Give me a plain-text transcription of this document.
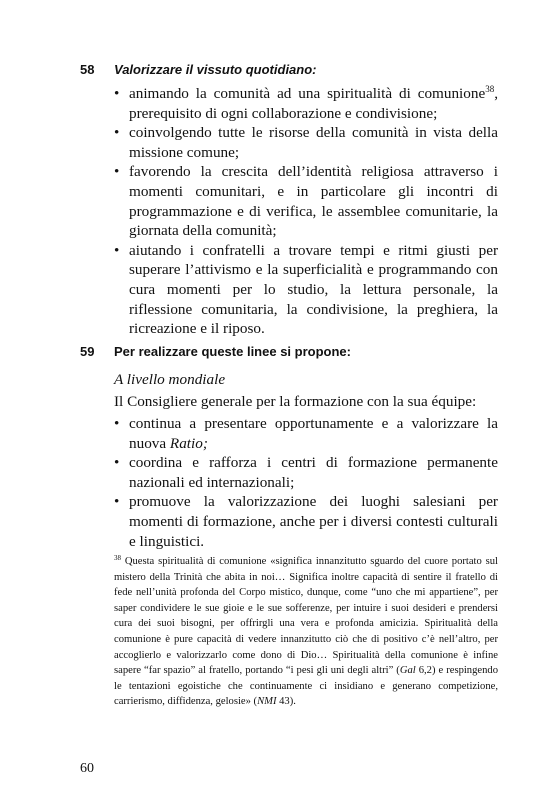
58 Valorizzare il vissuto quotidiano:
• animando la comunità ad una spiritualità di comunione$^{38}$, prerequisito di ogni collaborazione e condivisione;
• coinvolgendo tutte le risorse della comunità in vista della missione comune;
• favorendo la crescita dell’identità religiosa attraverso i momenti comunitari, e in particolare gli incontri di programmazione e di verifica, le assemblee comunitarie, la giornata della comunità;
• aiutando i confratelli a trovare tempi e ritmi giusti per superare l’attivismo e la superficialità e programmando con cura momenti per lo studio, la lettura personale, la riflessione comunitaria, la condivisione, la preghiera, la ricreazione e il riposo.
59 Per realizzare queste linee si propone:
A livello mondiale
Il Consigliere generale per la formazione con la sua équipe:
• continua a presentare opportunamente e a valorizzare la nuova Ratio;
• coordina e rafforza i centri di formazione permanente nazionali ed internazionali;
• promuove la valorizzazione dei luoghi salesiani per momenti di formazione, anche per i diversi contesti culturali e linguistici.
$^{38}$ Questa spiritualità di comunione «significa innanzitutto sguardo del cuore portato sul mistero della Trinità che abita in noi… Significa inoltre capacità di sentire il fratello di fede nell’unità profonda del Corpo mistico, dunque, come “uno che mi appartiene”, per saper condividere le sue gioie e le sue sofferenze, per intuire i suoi desideri e prendersi cura dei suoi bisogni, per offrirgli una vera e profonda amicizia. Spiritualità della comunione è pure capacità di vedere innanzitutto ciò che di positivo c’è nell’altro, per accoglierlo e valorizzarlo come dono di Dio… Spiritualità della comunione è infine sapere “far spazio” al fratello, portando “i pesi gli uni degli altri” (Gal 6,2) e respingendo le tentazioni egoistiche che continuamente ci insidiano e generano competizione, carrierismo, diffidenza, gelosie» (NMI 43).
60
